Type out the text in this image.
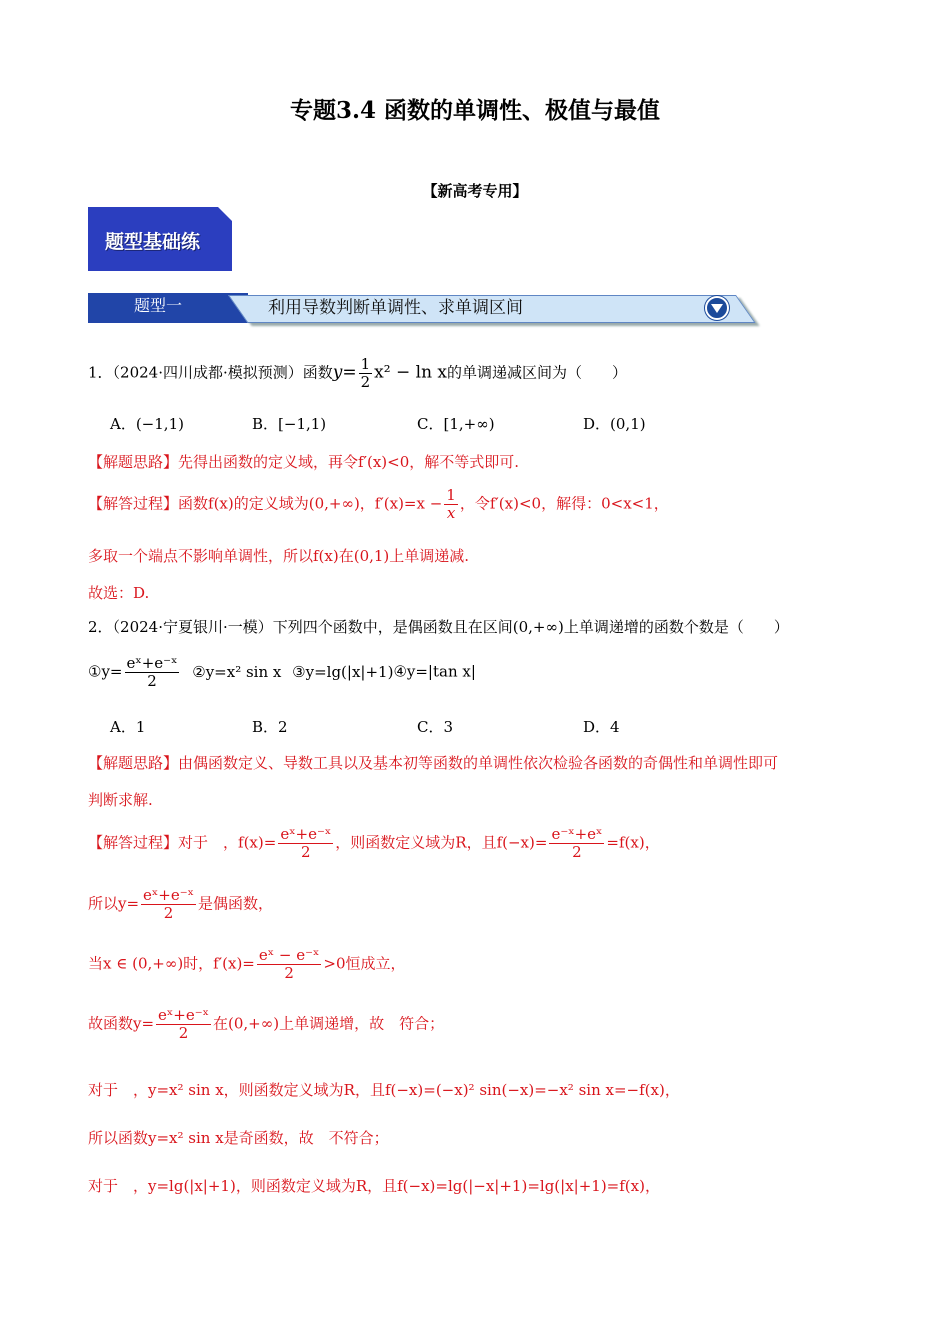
专题3.4 函数的单调性、极值与最值
【新高考专用】
题型基础练
题型一	利用导数判断单调性、求单调区间
1．（2024·四川成都·模拟预测）函数$y= \frac{1}{2} x^2 - \ln x$的单调递减区间为（　　）
A．(−1,1)	B．[−1,1)	C．[1,+∞)	D．(0,1)
【解题思路】先得出函数的定义域，再令f′(x)<0，解不等式即可.
【解答过程】函数f(x)的定义域为(0,+∞)，$f'(x)=x - \frac{1}{x}$ ，令f′(x)<0，解得：0<x<1，
多取一个端点不影响单调性，所以f(x)在(0,1)上单调递减.
故选：D.
2．（2024·宁夏银川·一模）下列四个函数中，是偶函数且在区间(0,+∞)上单调递增的函数个数是（　　）
①y= $\frac{\text{eˣ+e⁻ˣ}}{2}$ ②y=x² sin x ③y=lg(|x|+1)④y=|tan x|
A．1	B．2	C．3	D．4
【解题思路】由偶函数定义、导数工具以及基本初等函数的单调性依次检验各函数的奇偶性和单调性即可
判断求解.
【解答过程】对于　，$f(x)= \frac{\text{eˣ+e⁻ˣ}}{2}$ ，则函数定义域为R，且$f(-x)= \frac{\text{e⁻ˣ+eˣ}}{2} =f(x)$，
所以$y= \frac{\text{eˣ+e⁻ˣ}}{2}$ 是偶函数，
当x ∈ (0,+∞)时，$f'(x)= \frac{\text{eˣ − e⁻ˣ}}{2} >0$恒成立，
故函数$y= \frac{\text{eˣ+e⁻ˣ}}{2}$ 在(0,+∞)上单调递增，故　符合；
对于　，y=x² sin x，则函数定义域为R，且f(−x)=(−x)² sin(−x)=−x² sin x=−f(x)，
所以函数y=x² sin x是奇函数，故　不符合；
对于　，y=lg(|x|+1)，则函数定义域为R，且f(−x)=lg(|−x|+1)=lg(|x|+1)=f(x)，
